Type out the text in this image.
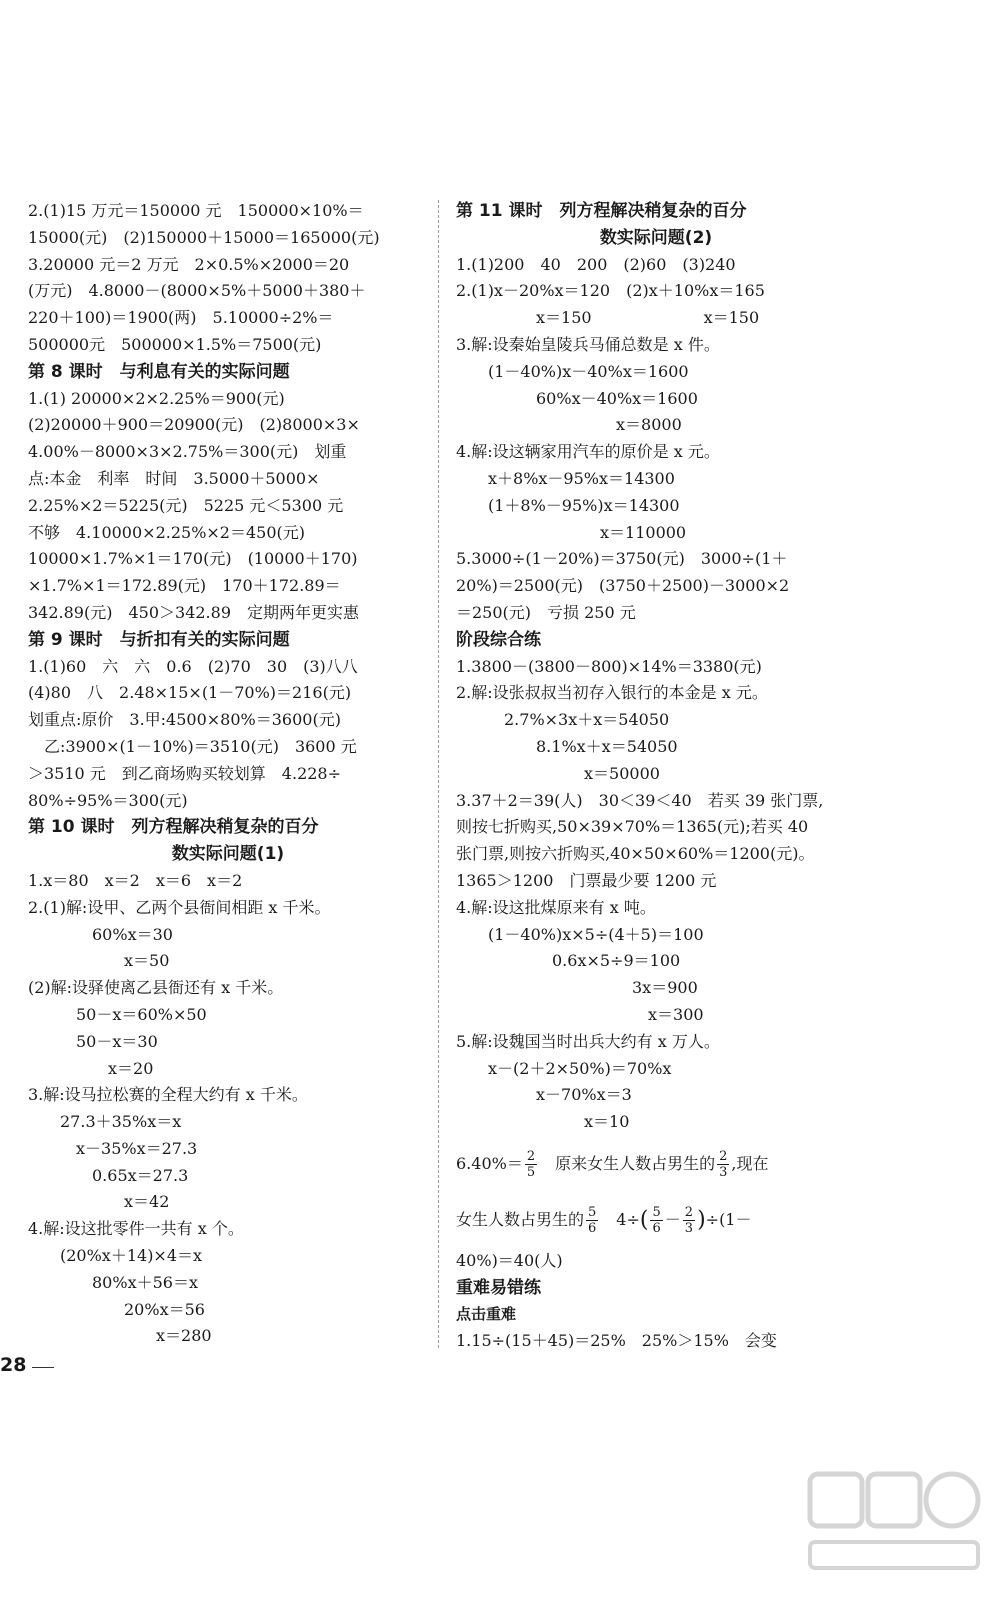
2.(1)15 万元＝150000 元　150000×10%＝
15000(元)　(2)150000＋15000＝165000(元)
3.20000 元＝2 万元　2×0.5%×2000＝20
(万元)　4.8000－(8000×5%＋5000＋380＋
220＋100)＝1900(两)　5.10000÷2%＝
500000元　500000×1.5%＝7500(元)
第 8 课时　与利息有关的实际问题
1.(1) 20000×2×2.25%＝900(元)
(2)20000＋900＝20900(元)　(2)8000×3×
4.00%－8000×3×2.75%＝300(元)　划重
点:本金　利率　时间　3.5000＋5000×
2.25%×2＝5225(元)　5225 元＜5300 元
不够　4.10000×2.25%×2＝450(元)
10000×1.7%×1＝170(元)　(10000＋170)
×1.7%×1＝172.89(元)　170＋172.89＝
342.89(元)　450＞342.89　定期两年更实惠
第 9 课时　与折扣有关的实际问题
1.(1)60　六　六　0.6　(2)70　30　(3)八八
(4)80　八　2.48×15×(1－70%)＝216(元)
划重点:原价　3.甲:4500×80%＝3600(元)
　乙:3900×(1－10%)＝3510(元)　3600 元
＞3510 元　到乙商场购买较划算　4.228÷
80%÷95%＝300(元)
第 10 课时　列方程解决稍复杂的百分
数实际问题(1)
1.x＝80　x＝2　x＝6　x＝2
2.(1)解:设甲、乙两个县衙间相距 x 千米。
　　　　60%x＝30
　　　　　　x＝50
(2)解:设驿使离乙县衙还有 x 千米。
　　　50－x＝60%×50
　　　50－x＝30
　　　　　x＝20
3.解:设马拉松赛的全程大约有 x 千米。
　　27.3＋35%x＝x
　　　x－35%x＝27.3
　　　　0.65x＝27.3
　　　　　　x＝42
4.解:设这批零件一共有 x 个。
　　(20%x＋14)×4＝x
　　　　80%x＋56＝x
　　　　　　20%x＝56
　　　　　　　　x＝280
第 11 课时　列方程解决稍复杂的百分
数实际问题(2)
1.(1)200　40　200　(2)60　(3)240
2.(1)x－20%x＝120　(2)x＋10%x＝165
　　　　　x＝150　　　　　　　x＝150
3.解:设秦始皇陵兵马俑总数是 x 件。
　　(1－40%)x－40%x＝1600
　　　　　60%x－40%x＝1600
　　　　　　　　　　x＝8000
4.解:设这辆家用汽车的原价是 x 元。
　　x＋8%x－95%x＝14300
　　(1＋8%－95%)x＝14300
　　　　　　　　　x＝110000
5.3000÷(1－20%)＝3750(元)　3000÷(1＋
20%)＝2500(元)　(3750＋2500)－3000×2
＝250(元)　亏损 250 元
阶段综合练
1.3800－(3800－800)×14%＝3380(元)
2.解:设张叔叔当初存入银行的本金是 x 元。
　　　2.7%×3x＋x＝54050
　　　　　8.1%x＋x＝54050
　　　　　　　　x＝50000
3.37＋2＝39(人)　30＜39＜40　若买 39 张门票,
则按七折购买,50×39×70%＝1365(元);若买 40
张门票,则按六折购买,40×50×60%＝1200(元)。
1365＞1200　门票最少要 1200 元
4.解:设这批煤原来有 x 吨。
　　(1－40%)x×5÷(4＋5)＝100
　　　　　　0.6x×5÷9＝100
　　　　　　　　　　　3x＝900
　　　　　　　　　　　　x＝300
5.解:设魏国当时出兵大约有 x 万人。
　　x－(2＋2×50%)＝70%x
　　　　　x－70%x＝3
　　　　　　　　x＝10
$6.40\%= \frac{2}{5}$ 　原来女生人数占男生的 $\frac{2}{3}$ ,现在
女生人数占男生的 $\frac{5}{6}$ 　$4\div( \frac{5}{6} - \frac{2}{3} )\div(1-$
40%)＝40(人)
重难易错练
点击重难
1.15÷(15＋45)＝25%　25%＞15%　会变
28
